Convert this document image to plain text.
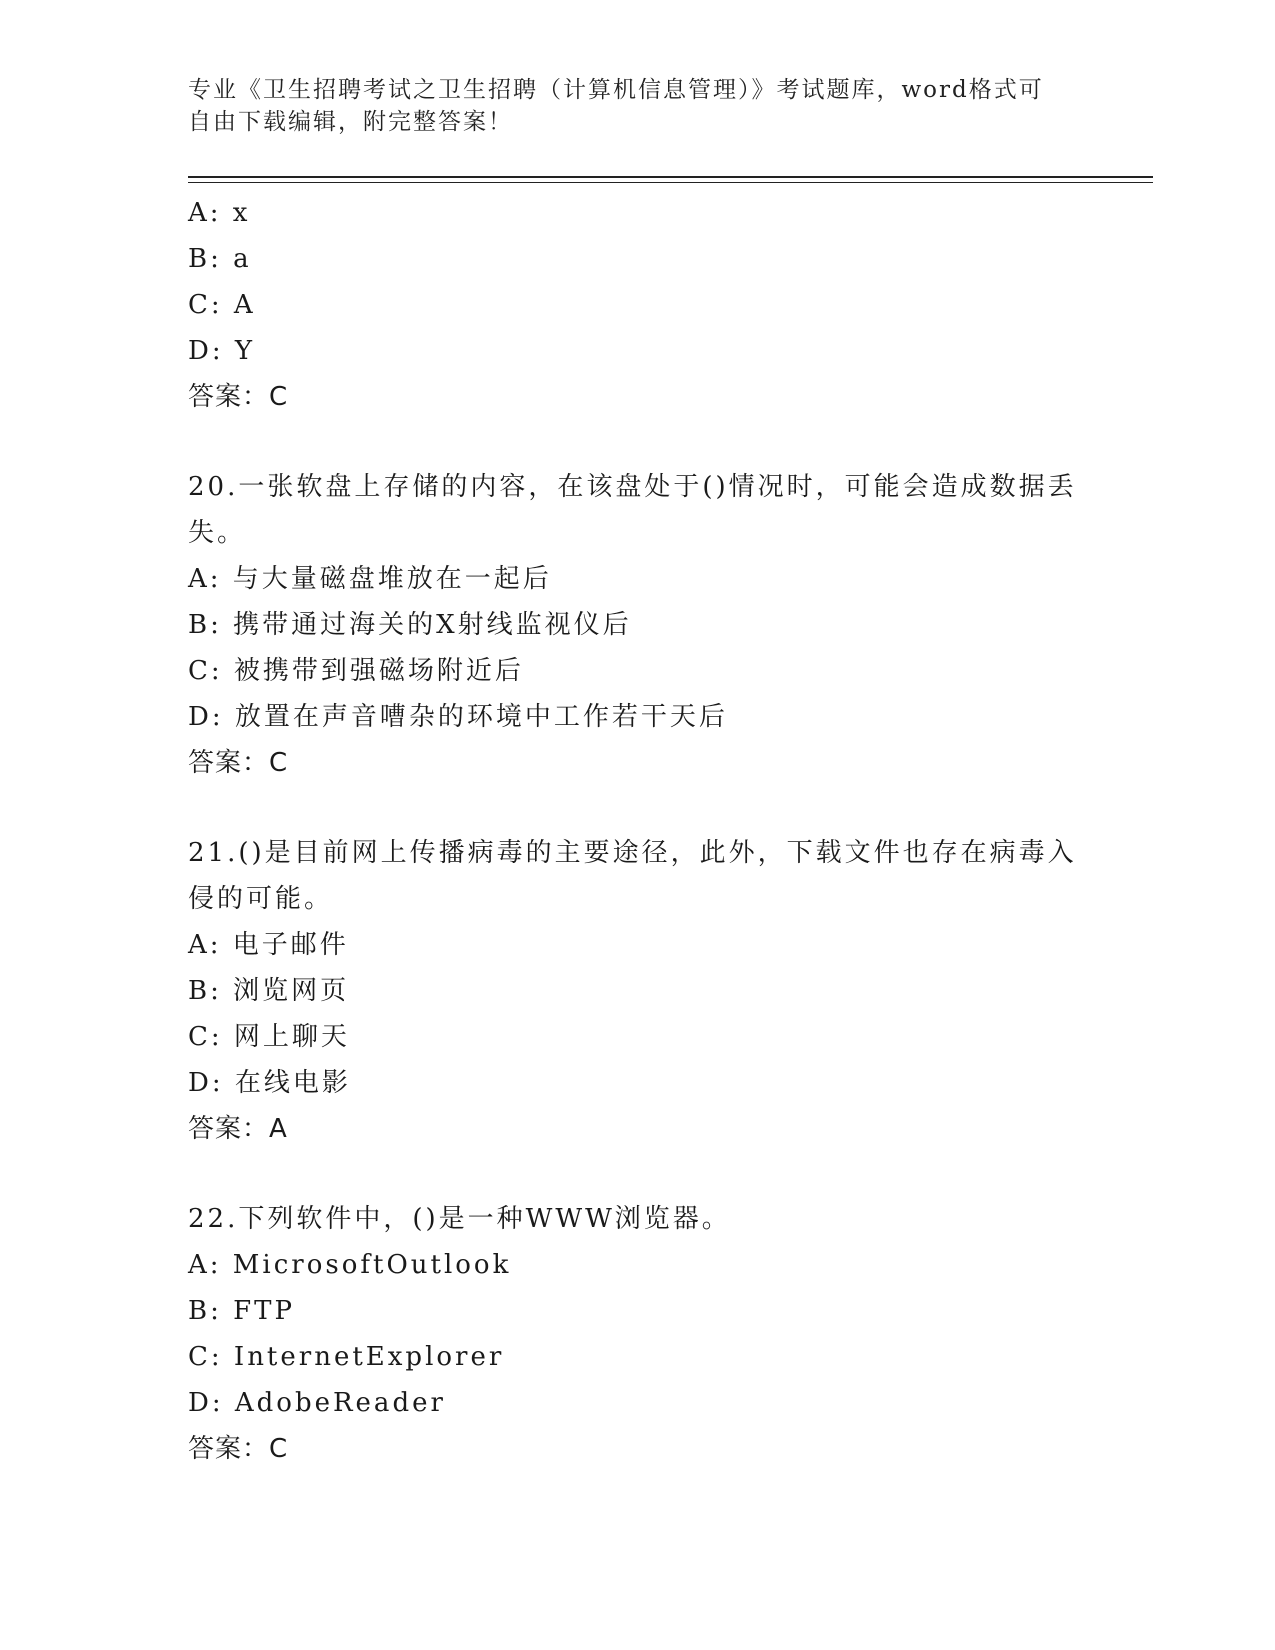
专业《卫生招聘考试之卫生招聘（计算机信息管理）》考试题库，word格式可自由下载编辑，附完整答案！
A: x
B: a
C: A
D: Y
答案：C
20.一张软盘上存储的内容，在该盘处于()情况时，可能会造成数据丢失。
A: 与大量磁盘堆放在一起后
B: 携带通过海关的X射线监视仪后
C: 被携带到强磁场附近后
D: 放置在声音嘈杂的环境中工作若干天后
答案：C
21.()是目前网上传播病毒的主要途径，此外，下载文件也存在病毒入侵的可能。
A: 电子邮件
B: 浏览网页
C: 网上聊天
D: 在线电影
答案：A
22.下列软件中，()是一种WWW浏览器。
A: MicrosoftOutlook
B: FTP
C: InternetExplorer
D: AdobeReader
答案：C
